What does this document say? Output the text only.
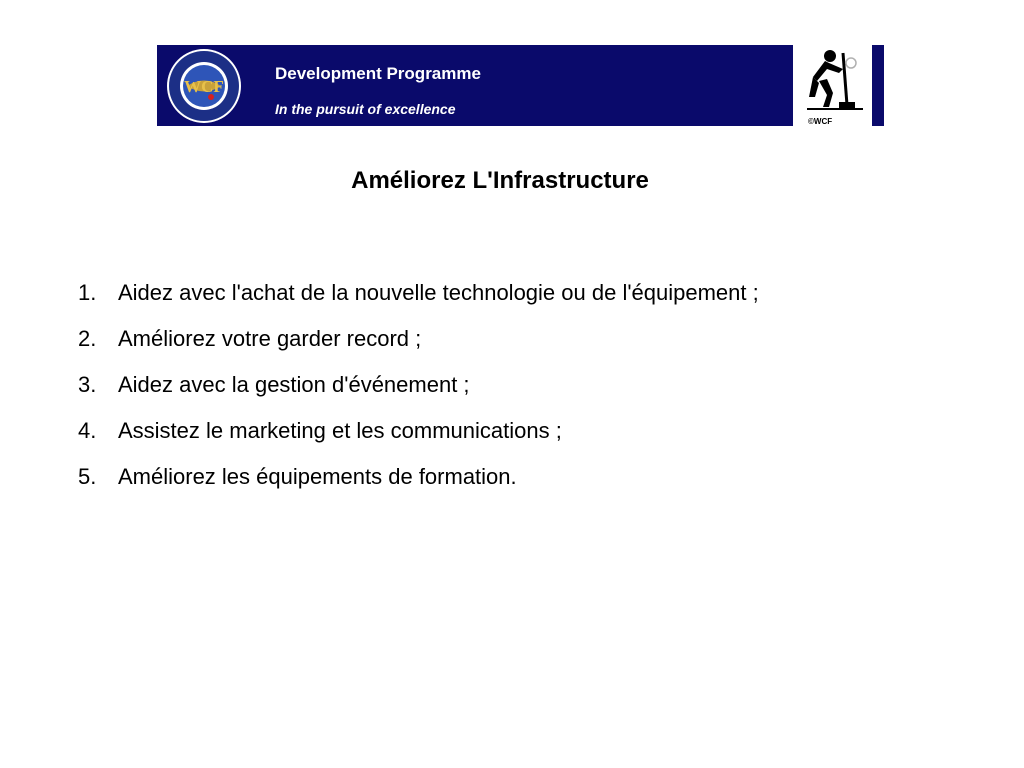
WCF
Development Programme
In the pursuit of excellence
©WCF
Améliorez L'Infrastructure
1. Aidez avec l'achat de la nouvelle technologie ou de l'équipement ;
2. Améliorez votre garder record ;
3. Aidez avec la gestion d'événement ;
4. Assistez le marketing et les communications ;
5. Améliorez les équipements de formation.
